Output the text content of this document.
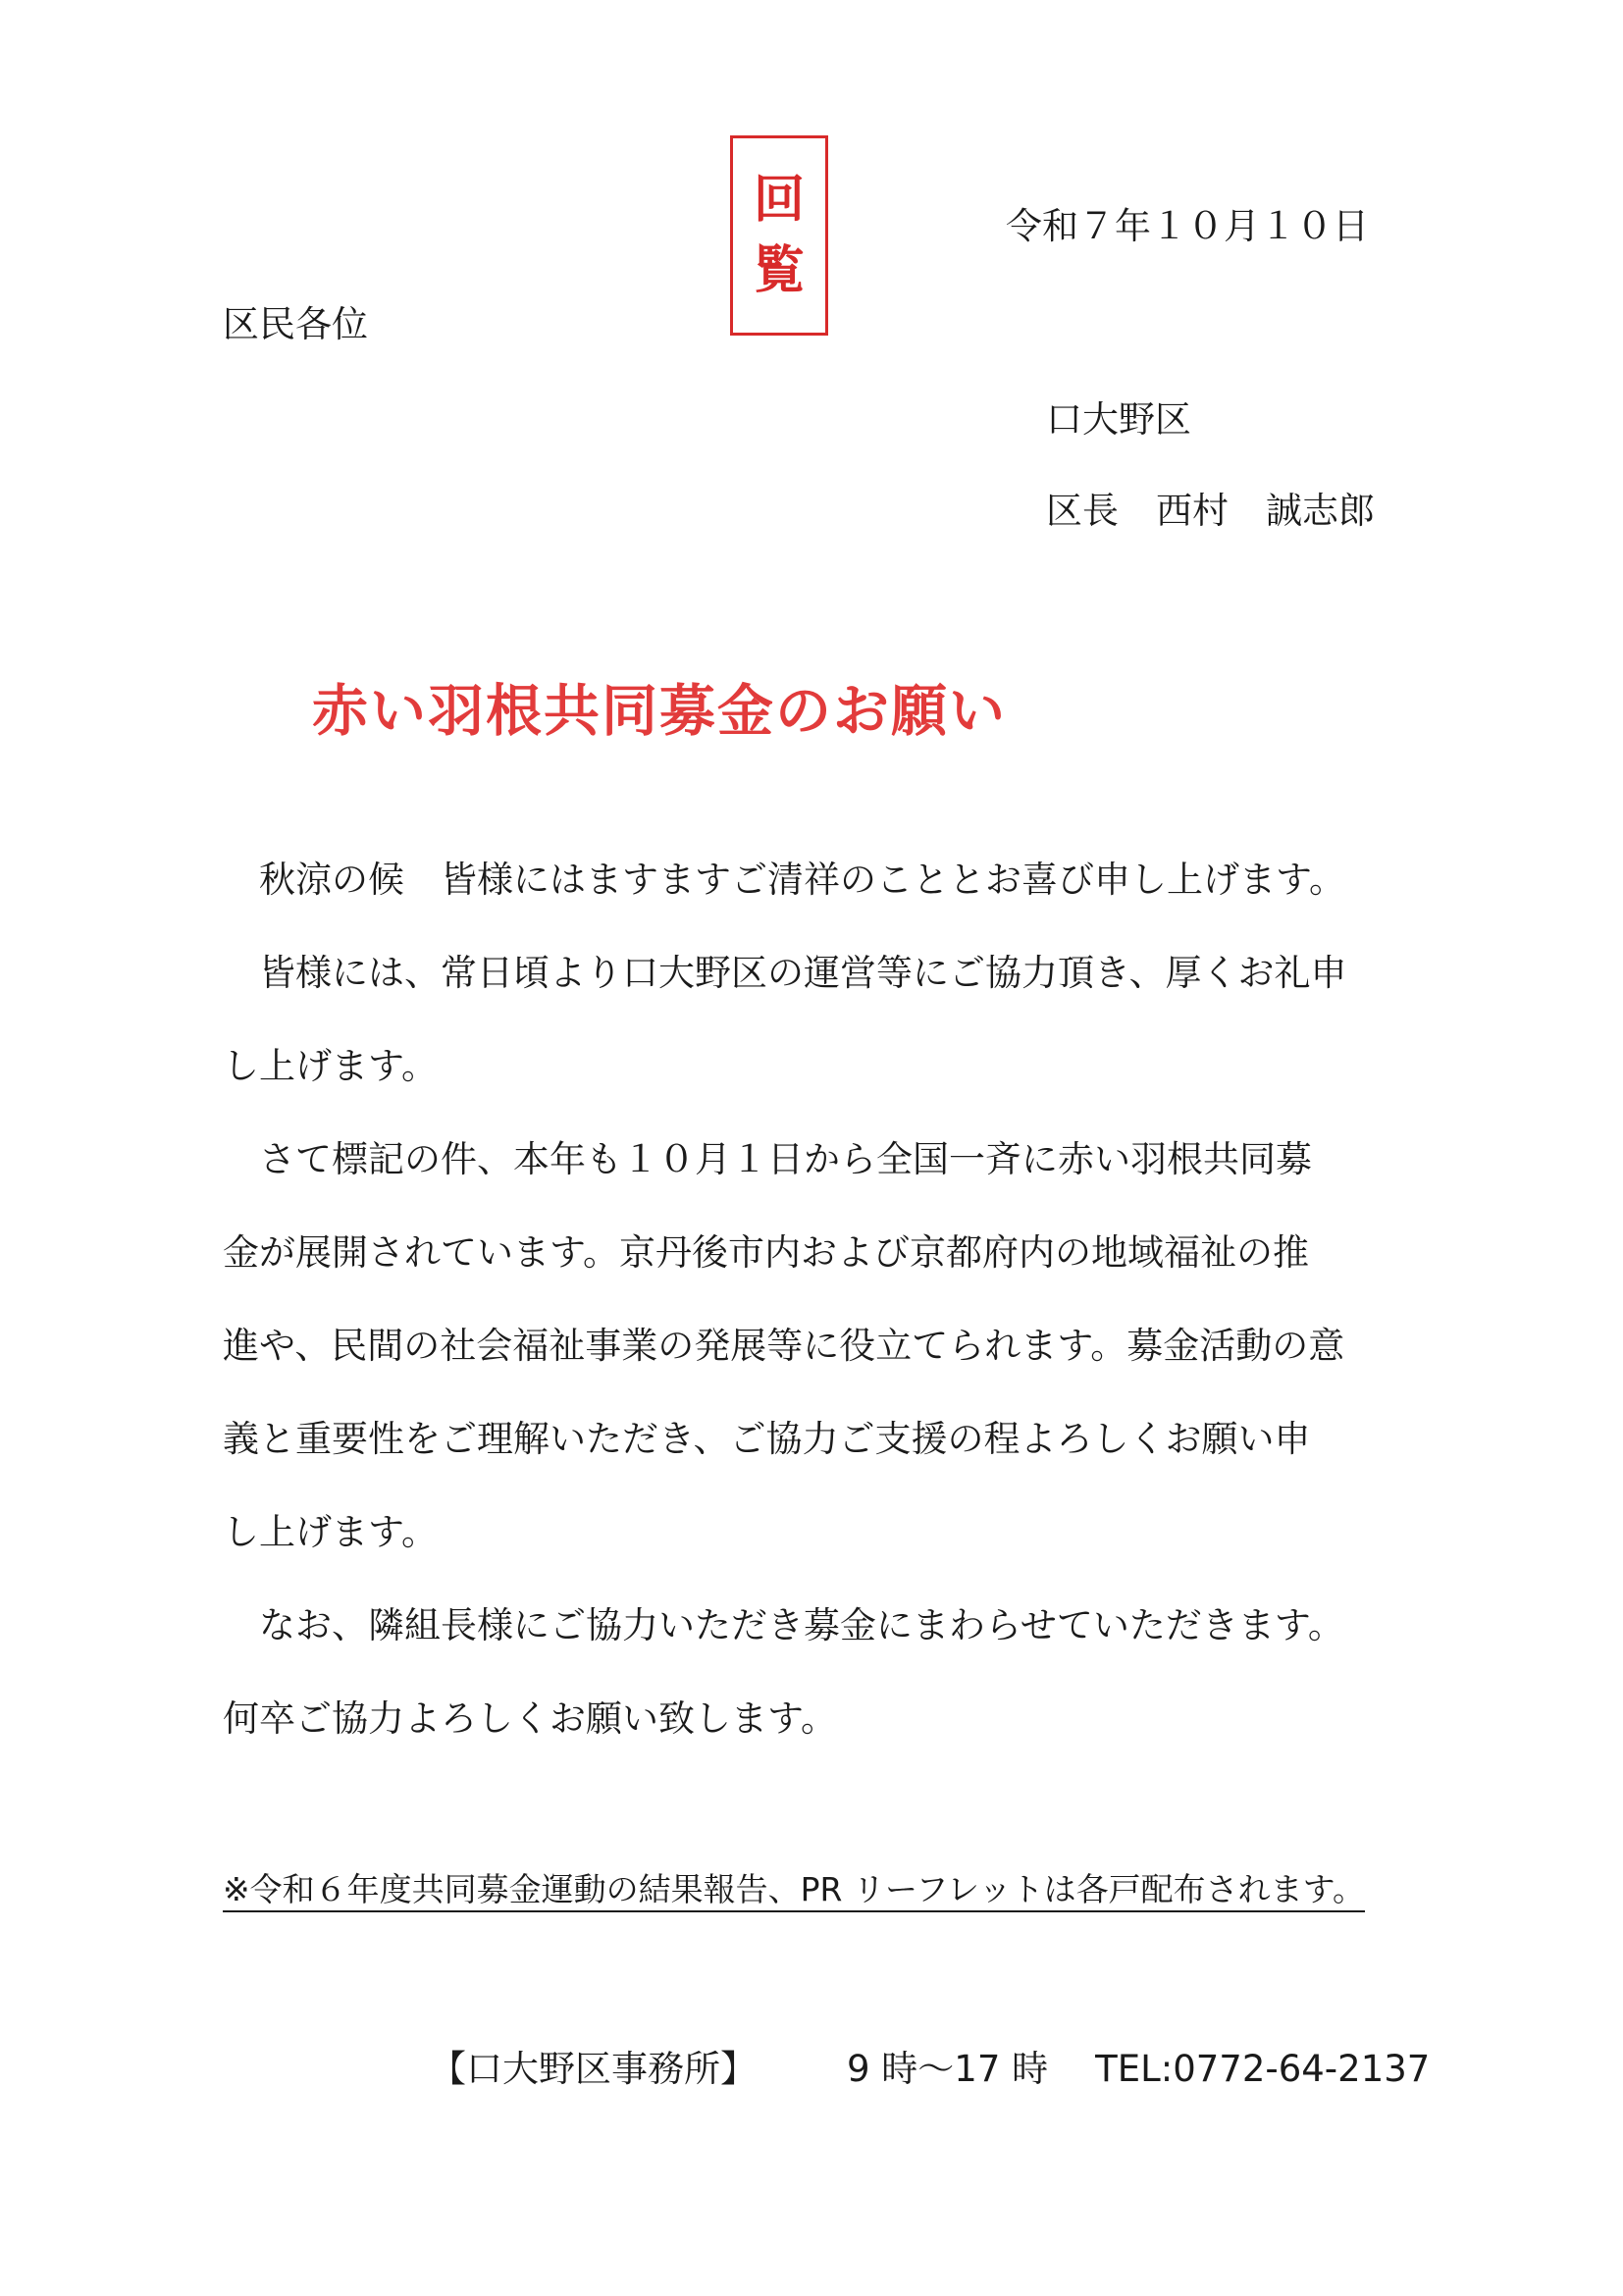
回
覧
令和７年１０月１０日
区民各位
口大野区
区長 西村 誠志郎
赤い羽根共同募金のお願い
　秋涼の候　皆様にはますますご清祥のこととお喜び申し上げます。
　皆様には、常日頃より口大野区の運営等にご協力頂き、厚くお礼申
し上げます。
　さて標記の件、本年も１０月１日から全国一斉に赤い羽根共同募
金が展開されています。京丹後市内および京都府内の地域福祉の推
進や、民間の社会福祉事業の発展等に役立てられます。募金活動の意
義と重要性をご理解いただき、ご協力ご支援の程よろしくお願い申
し上げます。
　なお、隣組長様にご協力いただき募金にまわらせていただきます。
何卒ご協力よろしくお願い致します。
※令和６年度共同募金運動の結果報告、PR リーフレットは各戸配布されます。
【口大野区事務所】 9 時～17 時 TEL:0772-64-2137
